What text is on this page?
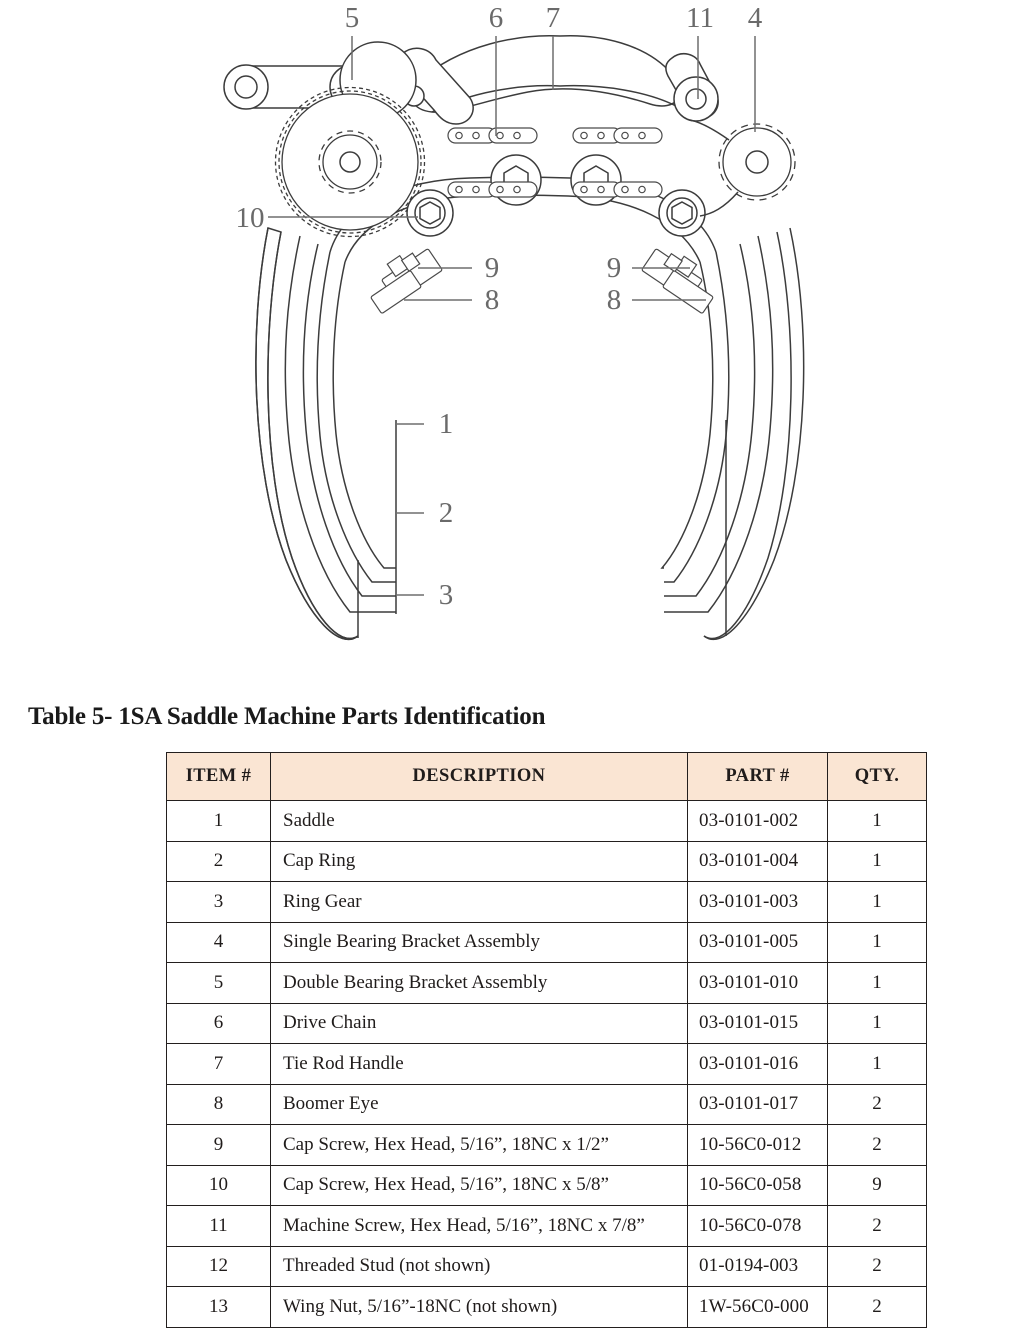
5	6 7	11 4
10
9
8
9
8
1
2
3
Table 5- 1SA Saddle Machine Parts Identification
ITEM #	DESCRIPTION	PART #	QTY.
1	Saddle	03-0101-002	1
2	Cap Ring	03-0101-004	1
3	Ring Gear	03-0101-003	1
4	Single Bearing Bracket Assembly	03-0101-005	1
5	Double Bearing Bracket Assembly	03-0101-010	1
6	Drive Chain	03-0101-015	1
7	Tie Rod Handle	03-0101-016	1
8	Boomer Eye	03-0101-017	2
9	Cap Screw, Hex Head, 5/16”, 18NC x 1/2”	10-56C0-012	2
10	Cap Screw, Hex Head, 5/16”, 18NC x 5/8”	10-56C0-058	9
11	Machine Screw, Hex Head, 5/16”, 18NC x 7/8”	10-56C0-078	2
12	Threaded Stud (not shown)	01-0194-003	2
13	Wing Nut, 5/16”-18NC (not shown)	1W-56C0-000	2
